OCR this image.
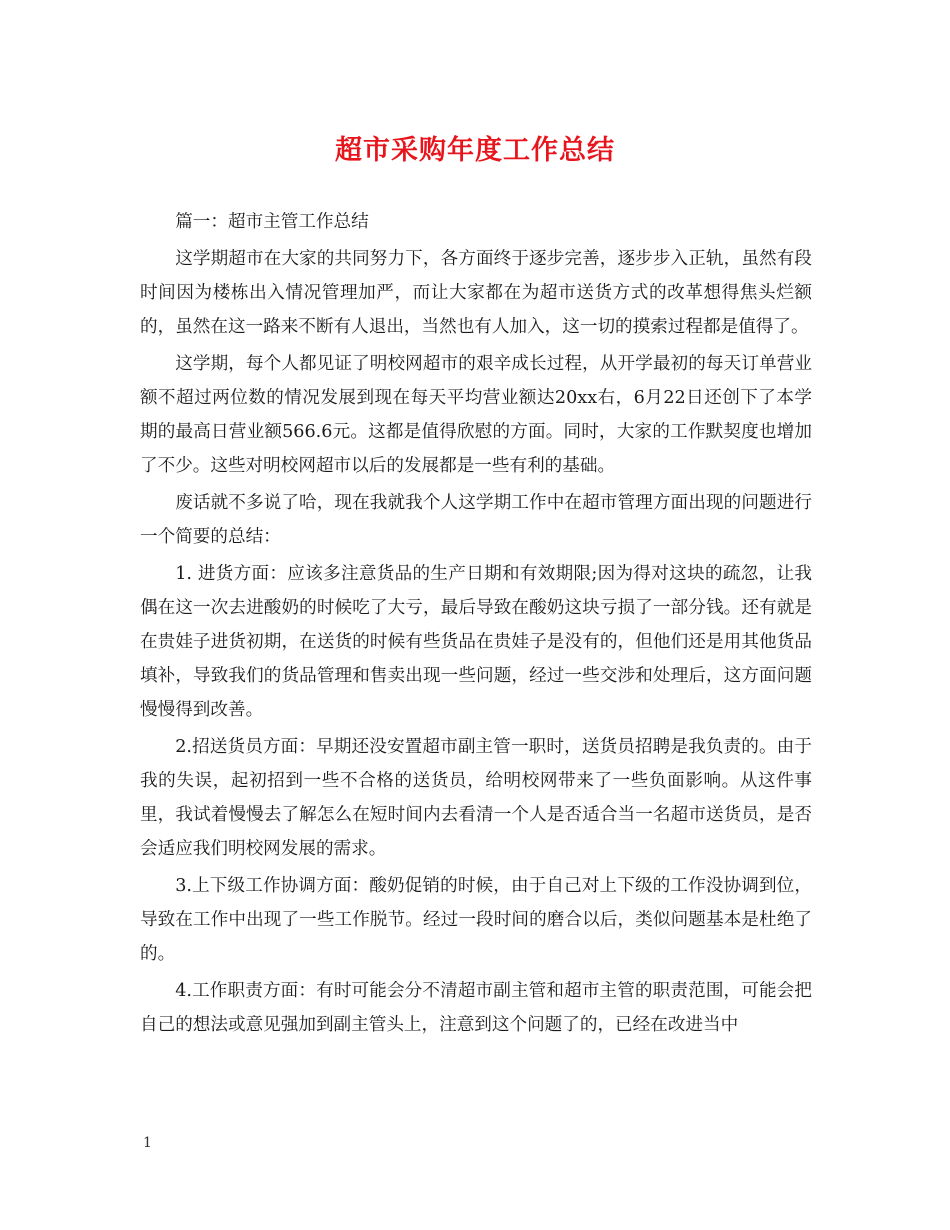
超市采购年度工作总结

篇一：超市主管工作总结

这学期超市在大家的共同努力下，各方面终于逐步完善，逐步步入正轨，虽然有段时间因为楼栋出入情况管理加严，而让大家都在为超市送货方式的改革想得焦头烂额的，虽然在这一路来不断有人退出，当然也有人加入，这一切的摸索过程都是值得了。

这学期，每个人都见证了明校网超市的艰辛成长过程，从开学最初的每天订单营业额不超过两位数的情况发展到现在每天平均营业额达20xx右，6月22日还创下了本学期的最高日营业额566.6元。这都是值得欣慰的方面。同时，大家的工作默契度也增加了不少。这些对明校网超市以后的发展都是一些有利的基础。

废话就不多说了哈，现在我就我个人这学期工作中在超市管理方面出现的问题进行一个简要的总结：

1. 进货方面：应该多注意货品的生产日期和有效期限;因为得对这块的疏忽，让我偶在这一次去进酸奶的时候吃了大亏，最后导致在酸奶这块亏损了一部分钱。还有就是在贵娃子进货初期，在送货的时候有些货品在贵娃子是没有的，但他们还是用其他货品填补，导致我们的货品管理和售卖出现一些问题，经过一些交涉和处理后，这方面问题慢慢得到改善。

2.招送货员方面：早期还没安置超市副主管一职时，送货员招聘是我负责的。由于我的失误，起初招到一些不合格的送货员，给明校网带来了一些负面影响。从这件事里，我试着慢慢去了解怎么在短时间内去看清一个人是否适合当一名超市送货员，是否会适应我们明校网发展的需求。

3.上下级工作协调方面：酸奶促销的时候，由于自己对上下级的工作没协调到位，导致在工作中出现了一些工作脱节。经过一段时间的磨合以后，类似问题基本是杜绝了的。

4.工作职责方面：有时可能会分不清超市副主管和超市主管的职责范围，可能会把自己的想法或意见强加到副主管头上，注意到这个问题了的，已经在改进当中

1
